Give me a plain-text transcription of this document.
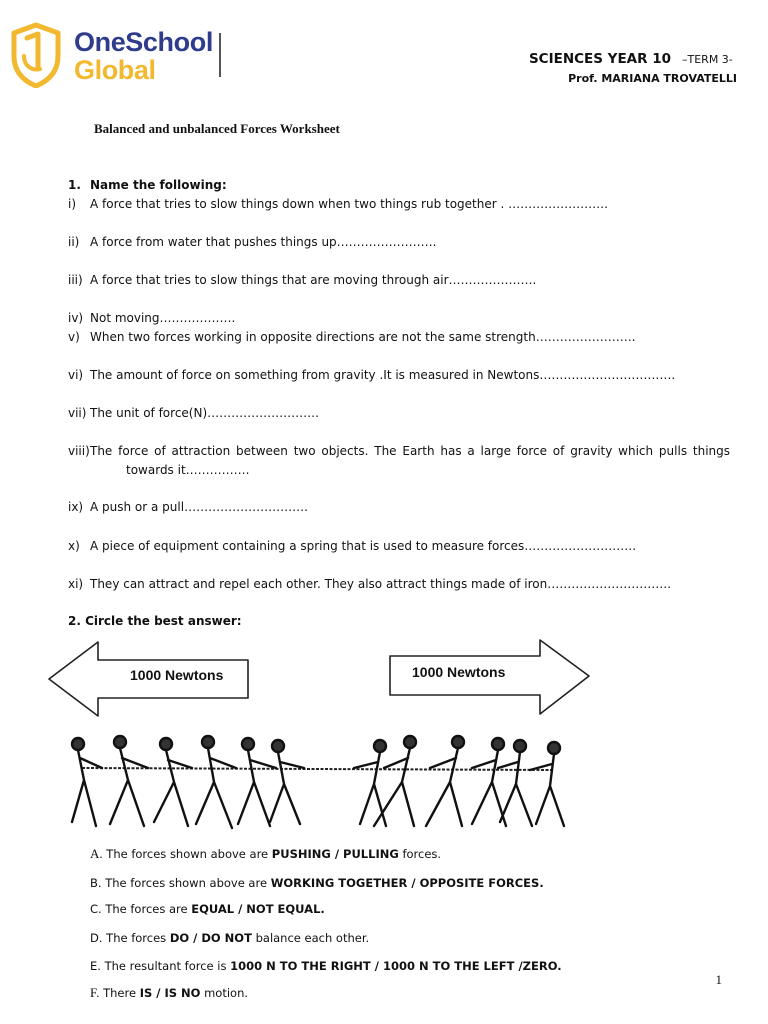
OneSchool
Global	SCIENCES YEAR 10 –TERM 3-
Prof. MARIANA TROVATELLI
Balanced and unbalanced Forces Worksheet
1. Name the following:
i) A force that tries to slow things down when two things rub together . …………………….
ii) A force from water that pushes things up…………………….
iii) A force that tries to slow things that are moving through air………………….
iv) Not moving……………….
v) When two forces working in opposite directions are not the same strength…………………….
vi) The amount of force on something from gravity .It is measured in Newtons…………………………….
vii) The unit of force(N)……………………….
viii) The force of attraction between two objects. The Earth has a large force of gravity which pulls things
towards it…………….
ix) A push or a pull………………………….
x) A piece of equipment containing a spring that is used to measure forces……………………….
xi) They can attract and repel each other. They also attract things made of iron………………………….
2. Circle the best answer:
1000 Newtons	1000 Newtons
A. The forces shown above are PUSHING / PULLING forces.
B. The forces shown above are WORKING TOGETHER / OPPOSITE FORCES.
C. The forces are EQUAL / NOT EQUAL.
D. The forces DO / DO NOT balance each other.
E. The resultant force is 1000 N TO THE RIGHT / 1000 N TO THE LEFT /ZERO.
F. There IS / IS NO motion.
1
